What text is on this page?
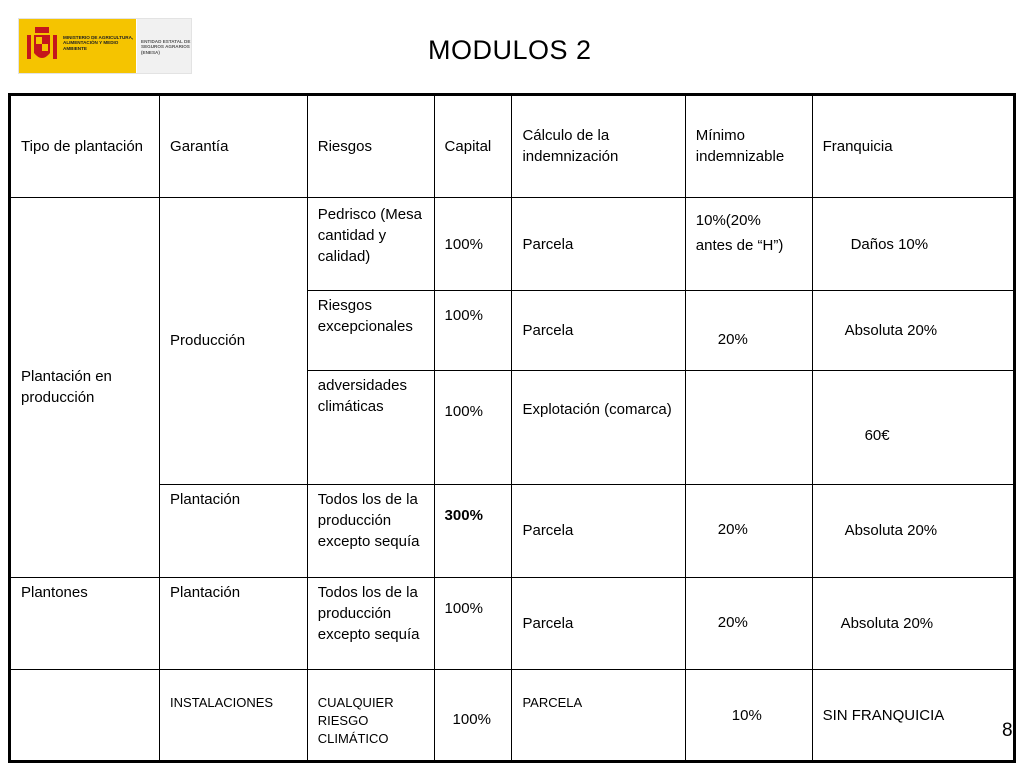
MINISTERIO DE AGRICULTURA, ALIMENTACIÓN Y MEDIO AMBIENTE
ENTIDAD ESTATAL DE SEGUROS AGRARIOS (ENESA)	MODULOS 2
Tipo de plantación	Garantía	Riesgos	Capital	Cálculo de la indemnización	Mínimo indemnizable	Franquicia
Plantación en producción	Producción	Pedrisco (Mesa cantidad y calidad)	100%	Parcela	10%(20% antes de “H”)	Daños 10%
		Riesgos excepcionales	100%	Parcela	20%	Absoluta 20%
		adversidades climáticas	100%	Explotación (comarca)		60€
	Plantación	Todos los de la producción excepto sequía	300%	Parcela	20%	Absoluta 20%
Plantones	Plantación	Todos los de la producción excepto sequía	100%	Parcela	20%	Absoluta 20%
	INSTALACIONES	CUALQUIER RIESGO CLIMÁTICO	100%	PARCELA	10%	SIN FRANQUICIA
8
